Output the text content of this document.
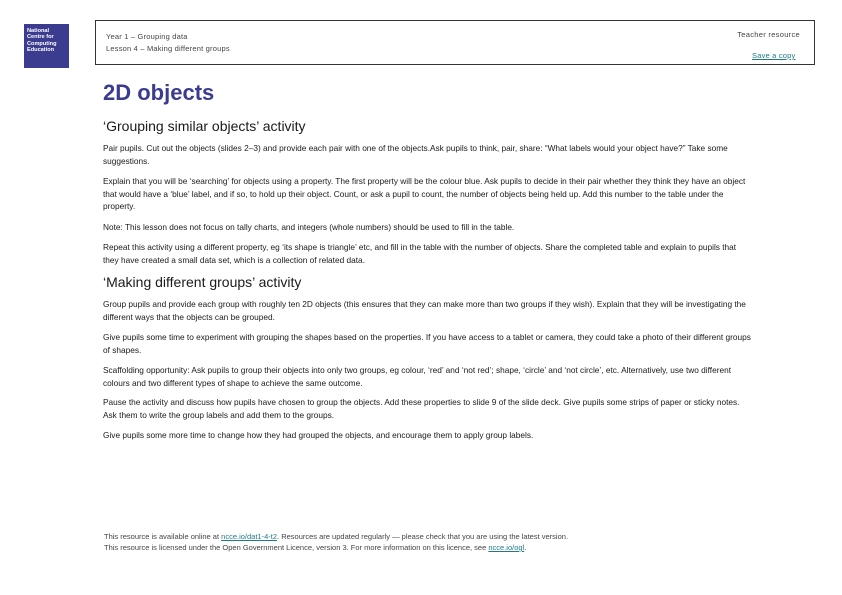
National
Centre for
Computing
Education
Year 1 – Grouping data
Lesson 4 – Making different groups
Teacher resource
Save a copy
2D objects
‘Grouping similar objects’ activity

Pair pupils. Cut out the objects (slides 2–3) and provide each pair with one of the objects.Ask pupils to think, pair, share: “What labels would your object have?” Take some suggestions.

Explain that you will be ‘searching’ for objects using a property. The first property will be the colour blue. Ask pupils to decide in their pair whether they think they have an object that would have a ‘blue’ label, and if so, to hold up their object. Count, or ask a pupil to count, the number of objects being held up. Add this number to the table under the property.

Note: This lesson does not focus on tally charts, and integers (whole numbers) should be used to fill in the table.

Repeat this activity using a different property, eg ‘its shape is triangle’ etc, and fill in the table with the number of objects. Share the completed table and explain to pupils that they have created a small data set, which is a collection of related data.

‘Making different groups’ activity

Group pupils and provide each group with roughly ten 2D objects (this ensures that they can make more than two groups if they wish). Explain that they will be investigating the different ways that the objects can be grouped.

Give pupils some time to experiment with grouping the shapes based on the properties. If you have access to a tablet or camera, they could take a photo of their different groups of shapes.

Scaffolding opportunity: Ask pupils to group their objects into only two groups, eg colour, ‘red’ and ‘not red’; shape, ‘circle’ and ‘not circle’, etc. Alternatively, use two different colours and two different types of shape to achieve the same outcome.

Pause the activity and discuss how pupils have chosen to group the objects. Add these properties to slide 9 of the slide deck. Give pupils some strips of paper or sticky notes. Ask them to write the group labels and add them to the groups.

Give pupils some more time to change how they had grouped the objects, and encourage them to apply group labels.

This resource is available online at ncce.io/dat1-4-t2. Resources are updated regularly — please check that you are using the latest version.
This resource is licensed under the Open Government Licence, version 3. For more information on this licence, see ncce.io/ogl.
